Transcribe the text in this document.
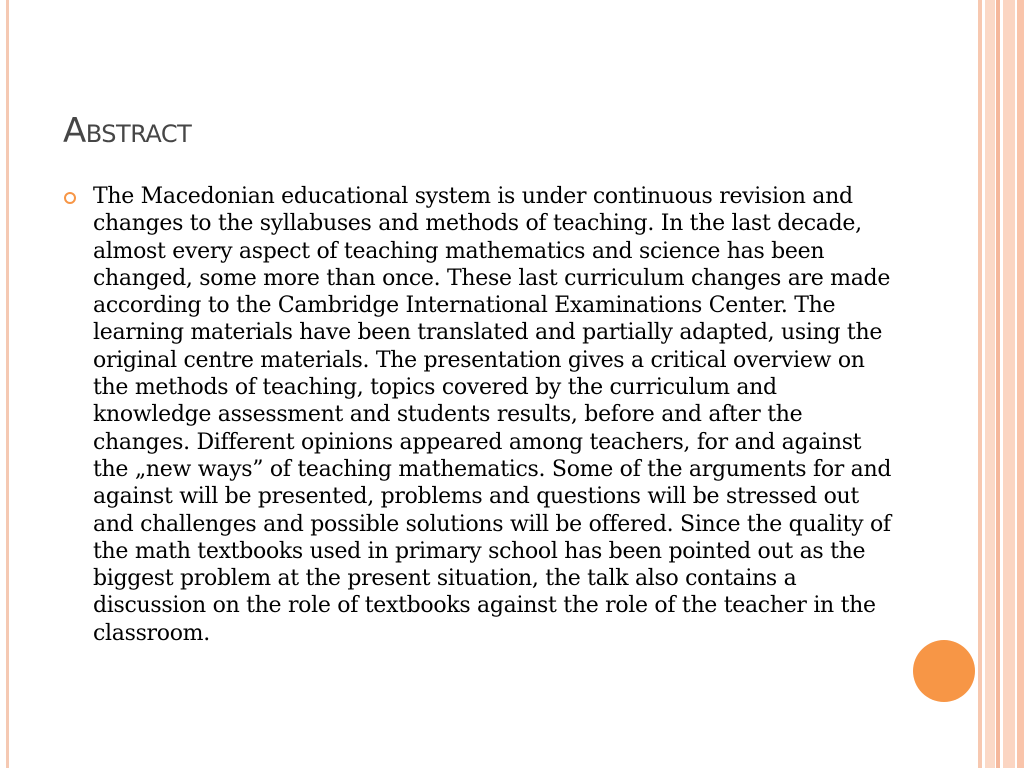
Abstract

The Macedonian educational system is under continuous revision and changes to the syllabuses and methods of teaching. In the last decade, almost every aspect of teaching mathematics and science has been changed, some more than once. These last curriculum changes are made according to the Cambridge International Examinations Center. The learning materials have been translated and partially adapted, using the original centre materials. The presentation gives a critical overview on the methods of teaching, topics covered by the curriculum and knowledge assessment and students results, before and after the changes. Different opinions appeared among teachers, for and against the „new ways” of teaching mathematics. Some of the arguments for and against will be presented, problems and questions will be stressed out and challenges and possible solutions will be offered. Since the quality of the math textbooks used in primary school has been pointed out as the biggest problem at the present situation, the talk also contains a discussion on the role of textbooks against the role of the teacher in the classroom.
